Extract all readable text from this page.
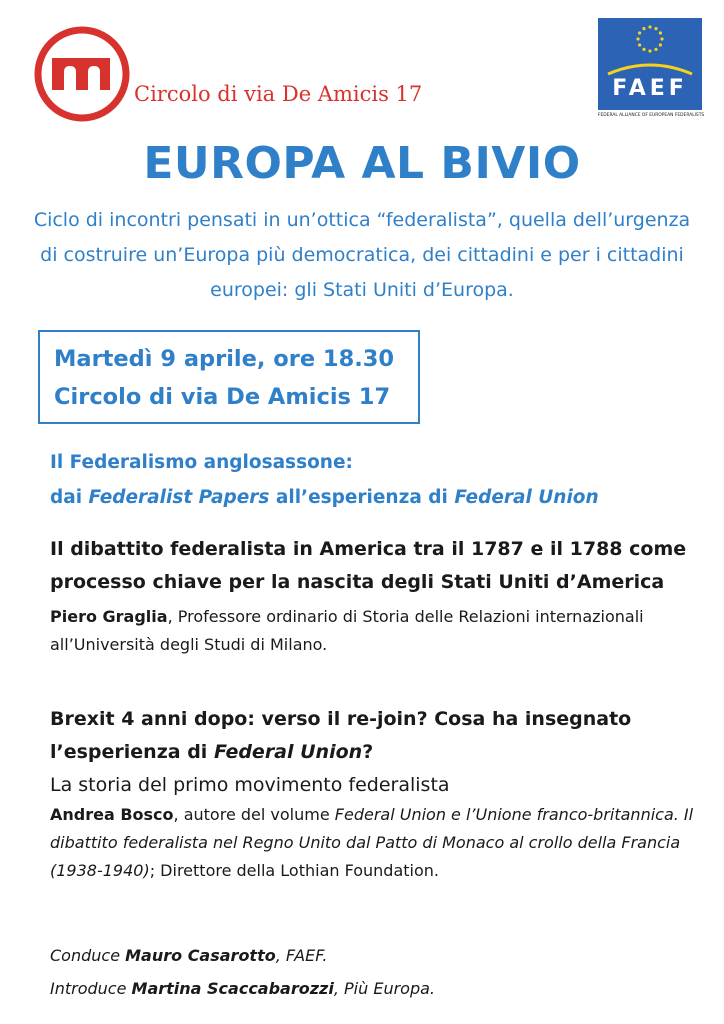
Circolo di via De Amicis 17	FAEF
FEDERAL ALLIANCE OF EUROPEAN FEDERALISTS
EUROPA AL BIVIO

Ciclo di incontri pensati in un’ottica “federalista”, quella dell’urgenza di costruire un’Europa più democratica, dei cittadini e per i cittadini europei: gli Stati Uniti d’Europa.

Martedì 9 aprile, ore 18.30

Circolo di via De Amicis 17

Il Federalismo anglosassone:
dai Federalist Papers all’esperienza di Federal Union

Il dibattito federalista in America tra il 1787 e il 1788 come processo chiave per la nascita degli Stati Uniti d’America

Piero Graglia, Professore ordinario di Storia delle Relazioni internazionali all’Università degli Studi di Milano.

Brexit 4 anni dopo: verso il re-join? Cosa ha insegnato l’esperienza di Federal Union?

La storia del primo movimento federalista

Andrea Bosco, autore del volume Federal Union e l’Unione franco-britannica. Il dibattito federalista nel Regno Unito dal Patto di Monaco al crollo della Francia (1938-1940); Direttore della Lothian Foundation.

Conduce Mauro Casarotto, FAEF.
Introduce Martina Scaccabarozzi, Più Europa.
